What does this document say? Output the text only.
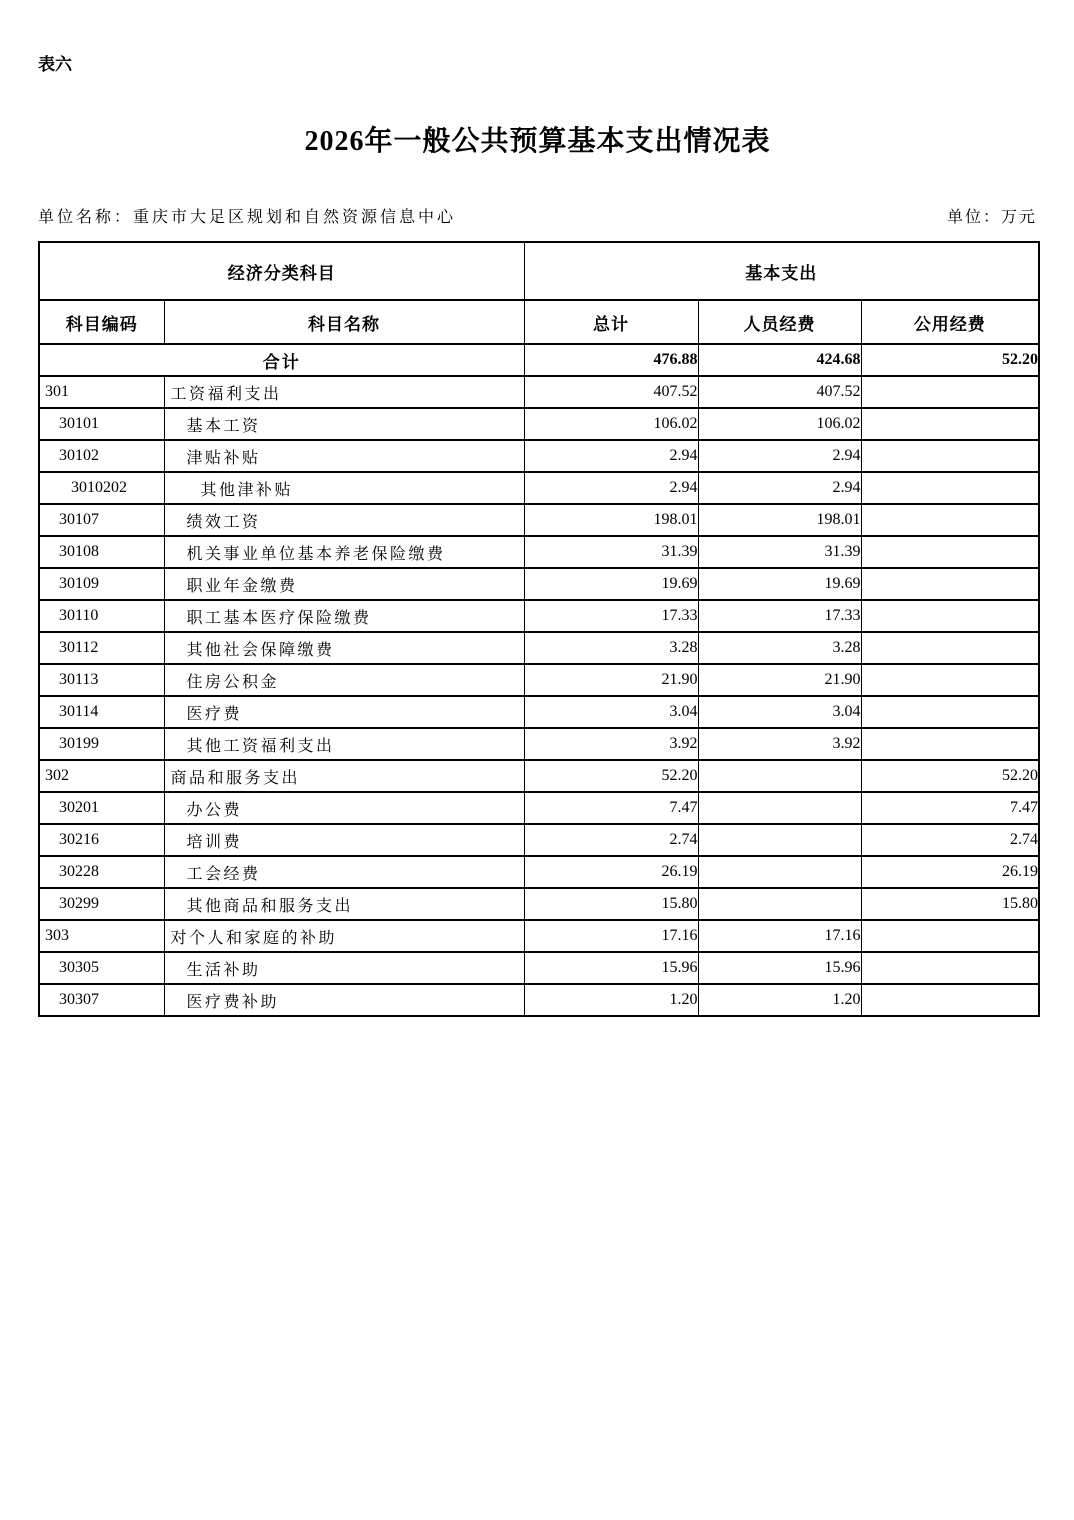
表六
2026年一般公共预算基本支出情况表
单位名称：重庆市大足区规划和自然资源信息中心	单位：万元
经济分类科目		基本支出		
科目编码	科目名称	总计	人员经费	公用经费
合计		476.88	424.68	52.20
301	工资福利支出	407.52	407.52	
30101	基本工资	106.02	106.02	
30102	津贴补贴	2.94	2.94	
3010202	其他津补贴	2.94	2.94	
30107	绩效工资	198.01	198.01	
30108	机关事业单位基本养老保险缴费	31.39	31.39	
30109	职业年金缴费	19.69	19.69	
30110	职工基本医疗保险缴费	17.33	17.33	
30112	其他社会保障缴费	3.28	3.28	
30113	住房公积金	21.90	21.90	
30114	医疗费	3.04	3.04	
30199	其他工资福利支出	3.92	3.92	
302	商品和服务支出	52.20		52.20
30201	办公费	7.47		7.47
30216	培训费	2.74		2.74
30228	工会经费	26.19		26.19
30299	其他商品和服务支出	15.80		15.80
303	对个人和家庭的补助	17.16	17.16	
30305	生活补助	15.96	15.96	
30307	医疗费补助	1.20	1.20	
